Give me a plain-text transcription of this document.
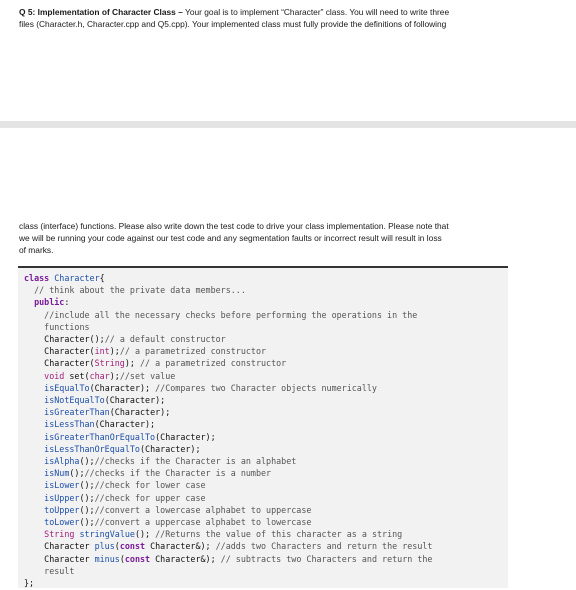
Q 5: Implementation of Character Class – Your goal is to implement “Character” class. You will need to write three
files (Character.h, Character.cpp and Q5.cpp). Your implemented class must fully provide the definitions of following
class (interface) functions. Please also write down the test code to drive your class implementation. Please note that
we will be running your code against our test code and any segmentation faults or incorrect result will result in loss
of marks.
class Character{
// think about the private data members...
public:
//include all the necessary checks before performing the operations in the
functions
Character();// a default constructor
Character(int);// a parametrized constructor
Character(String); // a parametrized constructor
void set(char);//set value
isEqualTo(Character); //Compares two Character objects numerically
isNotEqualTo(Character);
isGreaterThan(Character);
isLessThan(Character);
isGreaterThanOrEqualTo(Character);
isLessThanOrEqualTo(Character);
isAlpha();//checks if the Character is an alphabet
isNum();//checks if the Character is a number
isLower();//check for lower case
isUpper();//check for upper case
toUpper();//convert a lowercase alphabet to uppercase
toLower();//convert a uppercase alphabet to lowercase
String stringValue(); //Returns the value of this character as a string
Character plus(const Character&); //adds two Characters and return the result
Character minus(const Character&); // subtracts two Characters and return the
result
};
